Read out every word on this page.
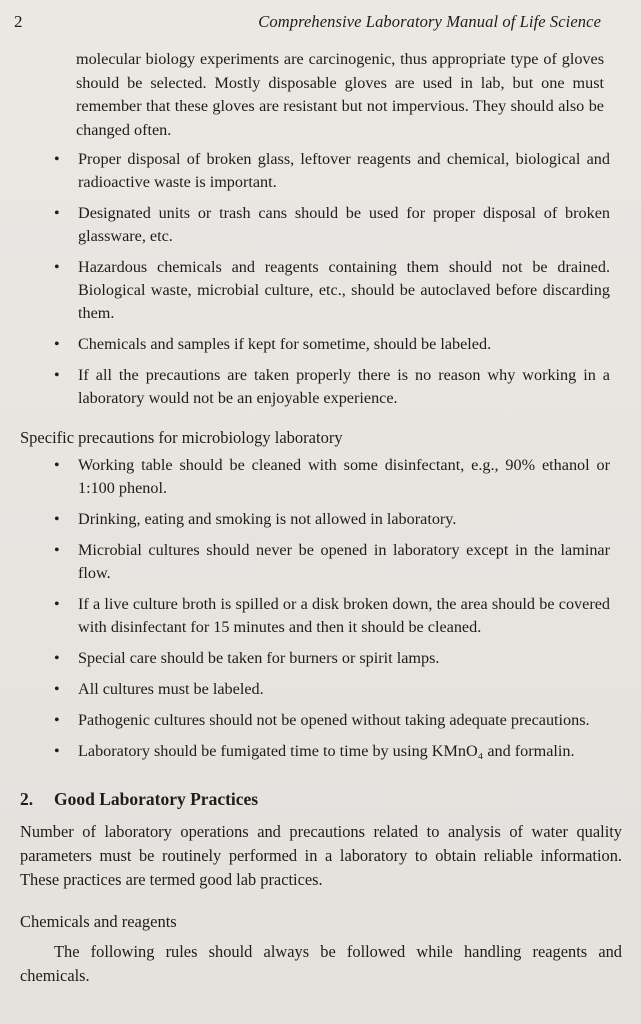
2	Comprehensive Laboratory Manual of Life Science

molecular biology experiments are carcinogenic, thus appropriate type of gloves should be selected. Mostly disposable gloves are used in lab, but one must remember that these gloves are resistant but not impervious. They should also be changed often.

• Proper disposal of broken glass, leftover reagents and chemical, biological and radioactive waste is important.
• Designated units or trash cans should be used for proper disposal of broken glassware, etc.
• Hazardous chemicals and reagents containing them should not be drained. Biological waste, microbial culture, etc., should be autoclaved before discarding them.
• Chemicals and samples if kept for sometime, should be labeled.
• If all the precautions are taken properly there is no reason why working in a laboratory would not be an enjoyable experience.
Specific precautions for microbiology laboratory
• Working table should be cleaned with some disinfectant, e.g., 90% ethanol or 1:100 phenol.
• Drinking, eating and smoking is not allowed in laboratory.
• Microbial cultures should never be opened in laboratory except in the laminar flow.
• If a live culture broth is spilled or a disk broken down, the area should be covered with disinfectant for 15 minutes and then it should be cleaned.
• Special care should be taken for burners or spirit lamps.
• All cultures must be labeled.
• Pathogenic cultures should not be opened without taking adequate precautions.
• Laboratory should be fumigated time to time by using KMnO₄ and formalin.
2. Good Laboratory Practices

Number of laboratory operations and precautions related to analysis of water quality parameters must be routinely performed in a laboratory to obtain reliable information. These practices are termed good lab practices.

Chemicals and reagents

The following rules should always be followed while handling reagents and chemicals.
